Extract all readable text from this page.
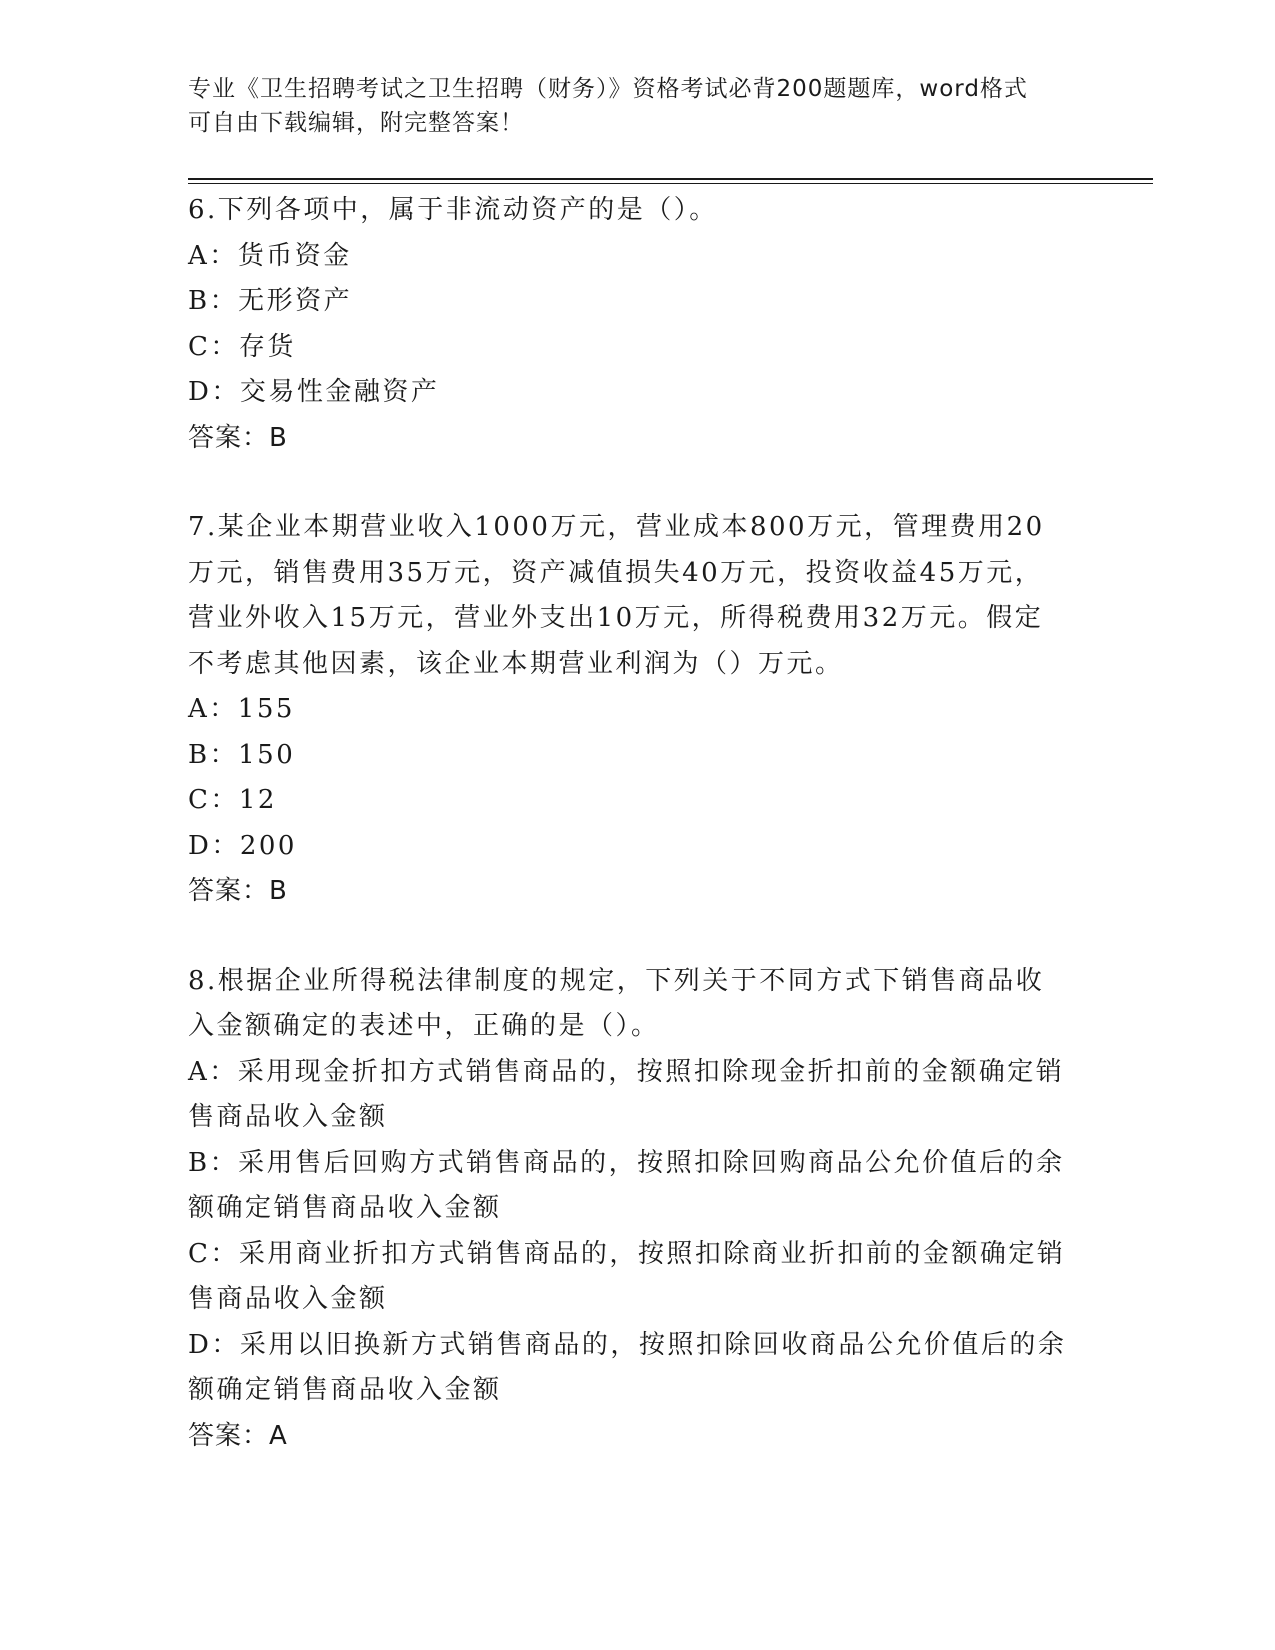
专业《卫生招聘考试之卫生招聘（财务）》资格考试必背200题题库，word格式
可自由下载编辑，附完整答案！
6.下列各项中，属于非流动资产的是（）。
A：货币资金
B：无形资产
C：存货
D：交易性金融资产
答案：B
7.某企业本期营业收入1000万元，营业成本800万元，管理费用20
万元，销售费用35万元，资产减值损失40万元，投资收益45万元，
营业外收入15万元，营业外支出10万元，所得税费用32万元。假定
不考虑其他因素，该企业本期营业利润为（）万元。
A：155
B：150
C：12
D：200
答案：B
8.根据企业所得税法律制度的规定，下列关于不同方式下销售商品收
入金额确定的表述中，正确的是（）。
A：采用现金折扣方式销售商品的，按照扣除现金折扣前的金额确定销
售商品收入金额
B：采用售后回购方式销售商品的，按照扣除回购商品公允价值后的余
额确定销售商品收入金额
C：采用商业折扣方式销售商品的，按照扣除商业折扣前的金额确定销
售商品收入金额
D：采用以旧换新方式销售商品的，按照扣除回收商品公允价值后的余
额确定销售商品收入金额
答案：A
